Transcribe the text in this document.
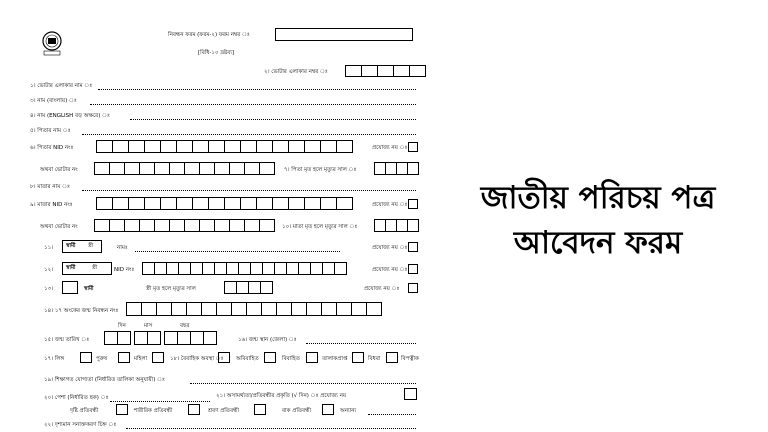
নিবন্ধন ফরম (ফরম-২) ফরম নম্বর ঃ
[বিধি-১০ দ্রষ্টব্য]
২। ভোটার এলাকার নম্বর ঃ
১। ভোটার এলাকার নাম ঃ
৩। নাম (বাংলায়) ঃ
৪। নাম (ENGLISH বড় অক্ষরে) ঃ
৫। পিতার নাম ঃ
৬। পিতার NID নংঃ	প্রযোজ্য নয় ঃ
অথবা ভোটার নং	৭। পিতা মৃত হলে মৃত্যুর সাল ঃ
৮। মাতার নাম ঃ
৯। মাতার NID নংঃ	প্রযোজ্য নয় ঃ
অথবা ভোটার নং	১০। মাতা মৃত হলে মৃত্যুর সাল ঃ
১১। স্বামী স্ত্রী	নামঃ	প্রযোজ্য নয় ঃ
১২। স্বামী	স্ত্রী	NID নংঃ	প্রযোজ্য নয় ঃ
১৩।	স্বামী	স্ত্রী মৃত হলে মৃত্যুর সাল	প্রযোজ্য নয় ঃ
১৪। ১৭ অংকের জন্ম নিবন্ধন নংঃ
দিন	মাস	বছর
১৫। জন্ম তারিখ ঃ	১৬। জন্ম স্থান (জেলা) ঃ
১৭। লিঙ্গ	পুরুষ	মহিলা	১৮। বৈবাহিক অবস্থা ঃ অবিবাহিত	বিবাহিত	তালাকপ্রাপ্ত	বিধবা	বিপত্নীক
১৯। শিক্ষাগত যোগ্যতা (নির্ধারিত তালিকা অনুযায়ী) ঃ
২০। পেশা (নির্ধারিত ছক) ঃ	২১। অসামর্থ্যতা/প্রতিবন্ধীর প্রকৃতি (√ দিন) ঃ প্রযোজ্য নয়
দৃষ্টি প্রতিবন্ধী	শারীরিক প্রতিবন্ধী	শ্রবণ প্রতিবন্ধী	বাক প্রতিবন্ধী	অন্যান্য
২২। দৃশ্যমান সনাক্তকরণ চিহ্ন ঃ
জাতীয় পরিচয় পত্র
আবেদন ফরম
